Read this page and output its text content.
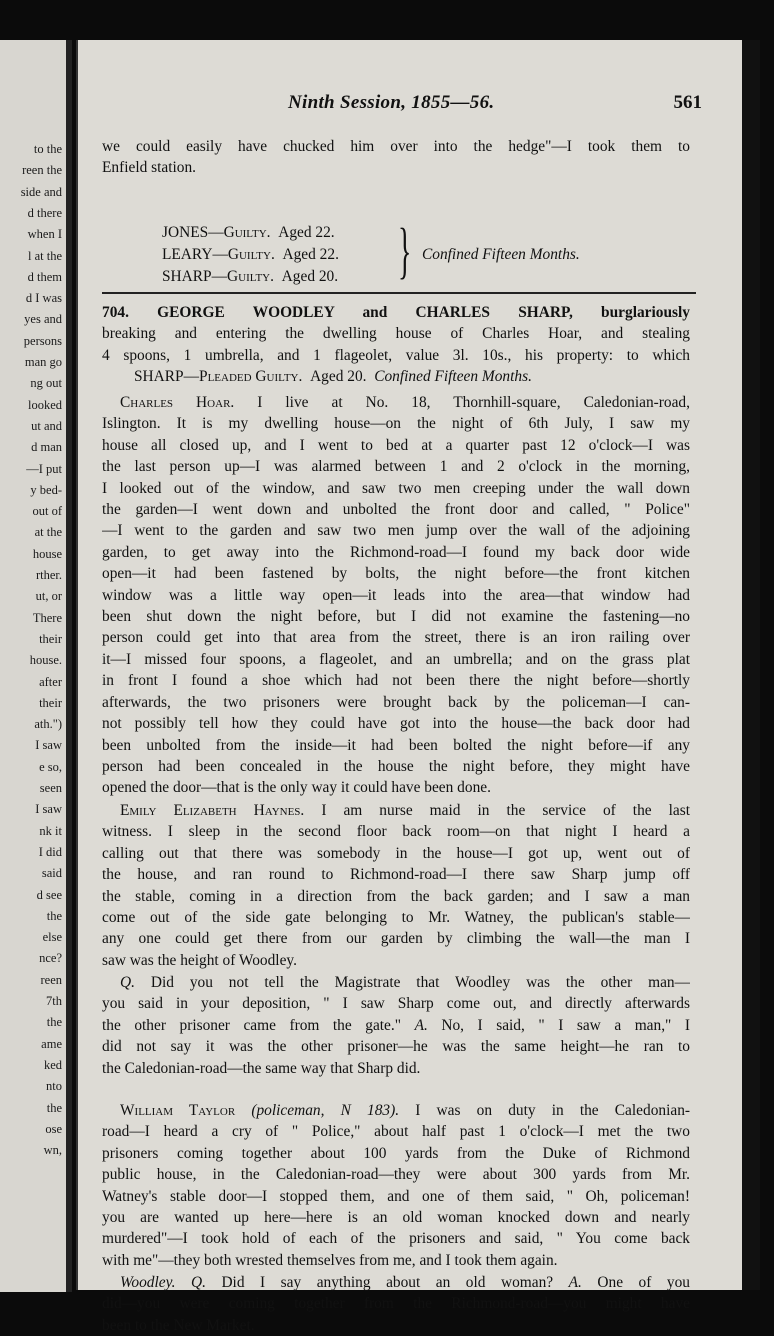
to the
reen the
side and
d there
when I
l at the
d them
d I was
yes and
persons
man go
ng out
looked
ut and
d man
—I put
y bed-
out of
at the
house
rther.
ut, or
There
their
house.
after
their
ath.")
I saw
e so,
seen
I saw
nk it
I did
said
d see
the
else
nce?
reen
7th
the
ame
ked
nto
the
ose
wn,
Ninth Session, 1855—56.	561
we could easily have chucked him over into the hedge"—I took them to
Enfield station.
JONES—Guilty. Aged 22.
LEARY—Guilty. Aged 22.
SHARP—Guilty. Aged 20. } Confined Fifteen Months.
704. GEORGE WOODLEY and CHARLES SHARP, burglariously
breaking and entering the dwelling house of Charles Hoar, and stealing
4 spoons, 1 umbrella, and 1 flageolet, value 3l. 10s., his property: to which
SHARP—Pleaded Guilty. Aged 20. Confined Fifteen Months.
Charles Hoar. I live at No. 18, Thornhill-square, Caledonian-road,
Islington. It is my dwelling house—on the night of 6th July, I saw my
house all closed up, and I went to bed at a quarter past 12 o'clock—I was
the last person up—I was alarmed between 1 and 2 o'clock in the morning,
I looked out of the window, and saw two men creeping under the wall down
the garden—I went down and unbolted the front door and called, " Police"
—I went to the garden and saw two men jump over the wall of the adjoining
garden, to get away into the Richmond-road—I found my back door wide
open—it had been fastened by bolts, the night before—the front kitchen
window was a little way open—it leads into the area—that window had
been shut down the night before, but I did not examine the fastening—no
person could get into that area from the street, there is an iron railing over
it—I missed four spoons, a flageolet, and an umbrella; and on the grass plat
in front I found a shoe which had not been there the night before—shortly
afterwards, the two prisoners were brought back by the policeman—I can-
not possibly tell how they could have got into the house—the back door had
been unbolted from the inside—it had been bolted the night before—if any
person had been concealed in the house the night before, they might have
opened the door—that is the only way it could have been done.
Emily Elizabeth Haynes. I am nurse maid in the service of the last
witness. I sleep in the second floor back room—on that night I heard a
calling out that there was somebody in the house—I got up, went out of
the house, and ran round to Richmond-road—I there saw Sharp jump off
the stable, coming in a direction from the back garden; and I saw a man
come out of the side gate belonging to Mr. Watney, the publican's stable—
any one could get there from our garden by climbing the wall—the man I
saw was the height of Woodley.
Q. Did you not tell the Magistrate that Woodley was the other man—
you said in your deposition, " I saw Sharp come out, and directly afterwards
the other prisoner came from the gate." A. No, I said, " I saw a man," I
did not say it was the other prisoner—he was the same height—he ran to
the Caledonian-road—the same way that Sharp did.
William Taylor (policeman, N 183). I was on duty in the Caledonian-
road—I heard a cry of " Police," about half past 1 o'clock—I met the two
prisoners coming together about 100 yards from the Duke of Richmond
public house, in the Caledonian-road—they were about 300 yards from Mr.
Watney's stable door—I stopped them, and one of them said, " Oh, policeman!
you are wanted up here—here is an old woman knocked down and nearly
murdered"—I took hold of each of the prisoners and said, " You come back
with me"—they both wrested themselves from me, and I took them again.
Woodley. Q. Did I say anything about an old woman? A. One of you
did—you were coming together from the Richmond-road—you might have
been to the New Market.
